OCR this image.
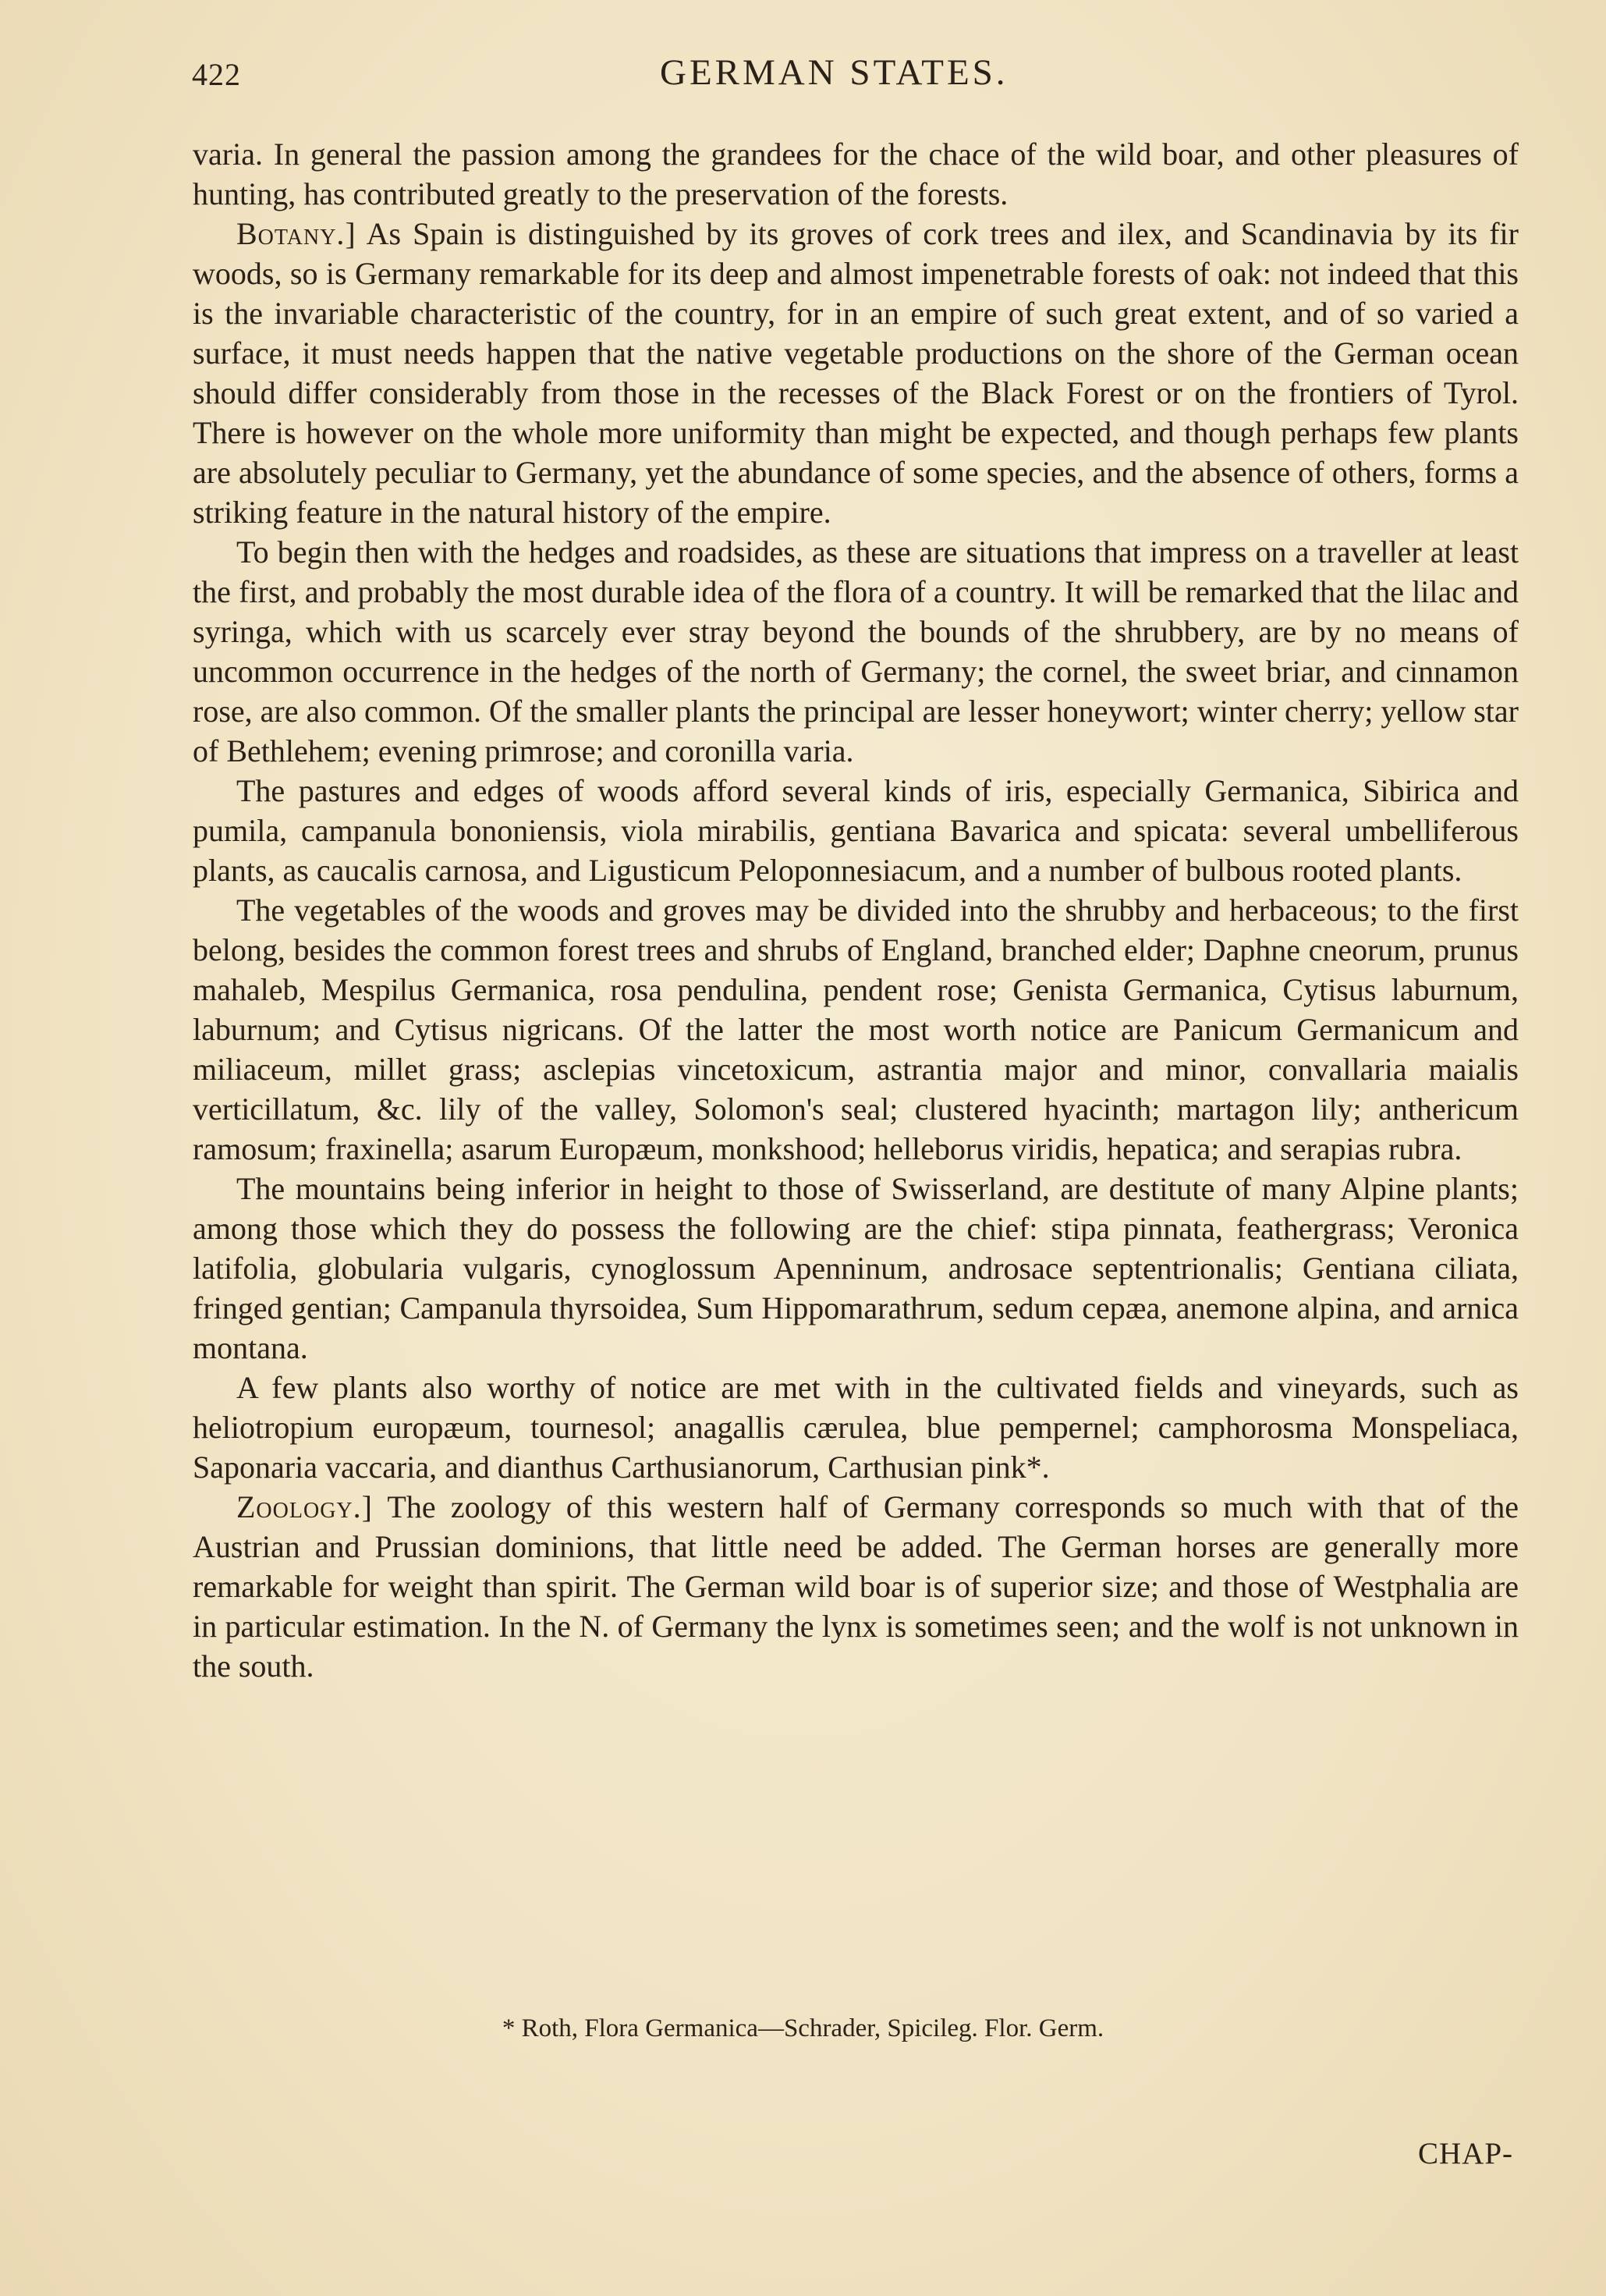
422	GERMAN STATES.

varia. In general the passion among the grandees for the chace of the wild boar, and other pleasures of hunting, has contributed greatly to the preservation of the forests.

Botany.] As Spain is distinguished by its groves of cork trees and ilex, and Scandinavia by its fir woods, so is Germany remarkable for its deep and almost impenetrable forests of oak: not indeed that this is the invariable characteristic of the country, for in an empire of such great extent, and of so varied a surface, it must needs happen that the native vegetable productions on the shore of the German ocean should differ considerably from those in the recesses of the Black Forest or on the frontiers of Tyrol. There is however on the whole more uniformity than might be expected, and though perhaps few plants are absolutely peculiar to Germany, yet the abundance of some species, and the absence of others, forms a striking feature in the natural history of the empire.

To begin then with the hedges and roadsides, as these are situations that impress on a traveller at least the first, and probably the most durable idea of the flora of a country. It will be remarked that the lilac and syringa, which with us scarcely ever stray beyond the bounds of the shrubbery, are by no means of uncommon occurrence in the hedges of the north of Germany; the cornel, the sweet briar, and cinnamon rose, are also common. Of the smaller plants the principal are lesser honeywort; winter cherry; yellow star of Bethlehem; evening primrose; and coronilla varia.

The pastures and edges of woods afford several kinds of iris, especially Germanica, Sibirica and pumila, campanula bononiensis, viola mirabilis, gentiana Bavarica and spicata: several umbelliferous plants, as caucalis carnosa, and Ligusticum Peloponnesiacum, and a number of bulbous rooted plants.

The vegetables of the woods and groves may be divided into the shrubby and herbaceous; to the first belong, besides the common forest trees and shrubs of England, branched elder; Daphne cneorum, prunus mahaleb, Mespilus Germanica, rosa pendulina, pendent rose; Genista Germanica, Cytisus laburnum, laburnum; and Cytisus nigricans. Of the latter the most worth notice are Panicum Germanicum and miliaceum, millet grass; asclepias vincetoxicum, astrantia major and minor, convallaria maialis verticillatum, &c. lily of the valley, Solomon's seal; clustered hyacinth; martagon lily; anthericum ramosum; fraxinella; asarum Europæum, monkshood; helleborus viridis, hepatica; and serapias rubra.

The mountains being inferior in height to those of Swisserland, are destitute of many Alpine plants; among those which they do possess the following are the chief: stipa pinnata, feathergrass; Veronica latifolia, globularia vulgaris, cynoglossum Apenninum, androsace septentrionalis; Gentiana ciliata, fringed gentian; Campanula thyrsoidea, Sum Hippomarathrum, sedum cepæa, anemone alpina, and arnica montana.

A few plants also worthy of notice are met with in the cultivated fields and vineyards, such as heliotropium europæum, tournesol; anagallis cærulea, blue pempernel; camphorosma Monspeliaca, Saponaria vaccaria, and dianthus Carthusianorum, Carthusian pink*.

Zoology.] The zoology of this western half of Germany corresponds so much with that of the Austrian and Prussian dominions, that little need be added. The German horses are generally more remarkable for weight than spirit. The German wild boar is of superior size; and those of Westphalia are in particular estimation. In the N. of Germany the lynx is sometimes seen; and the wolf is not unknown in the south.

* Roth, Flora Germanica—Schrader, Spicileg. Flor. Germ.
CHAP-
